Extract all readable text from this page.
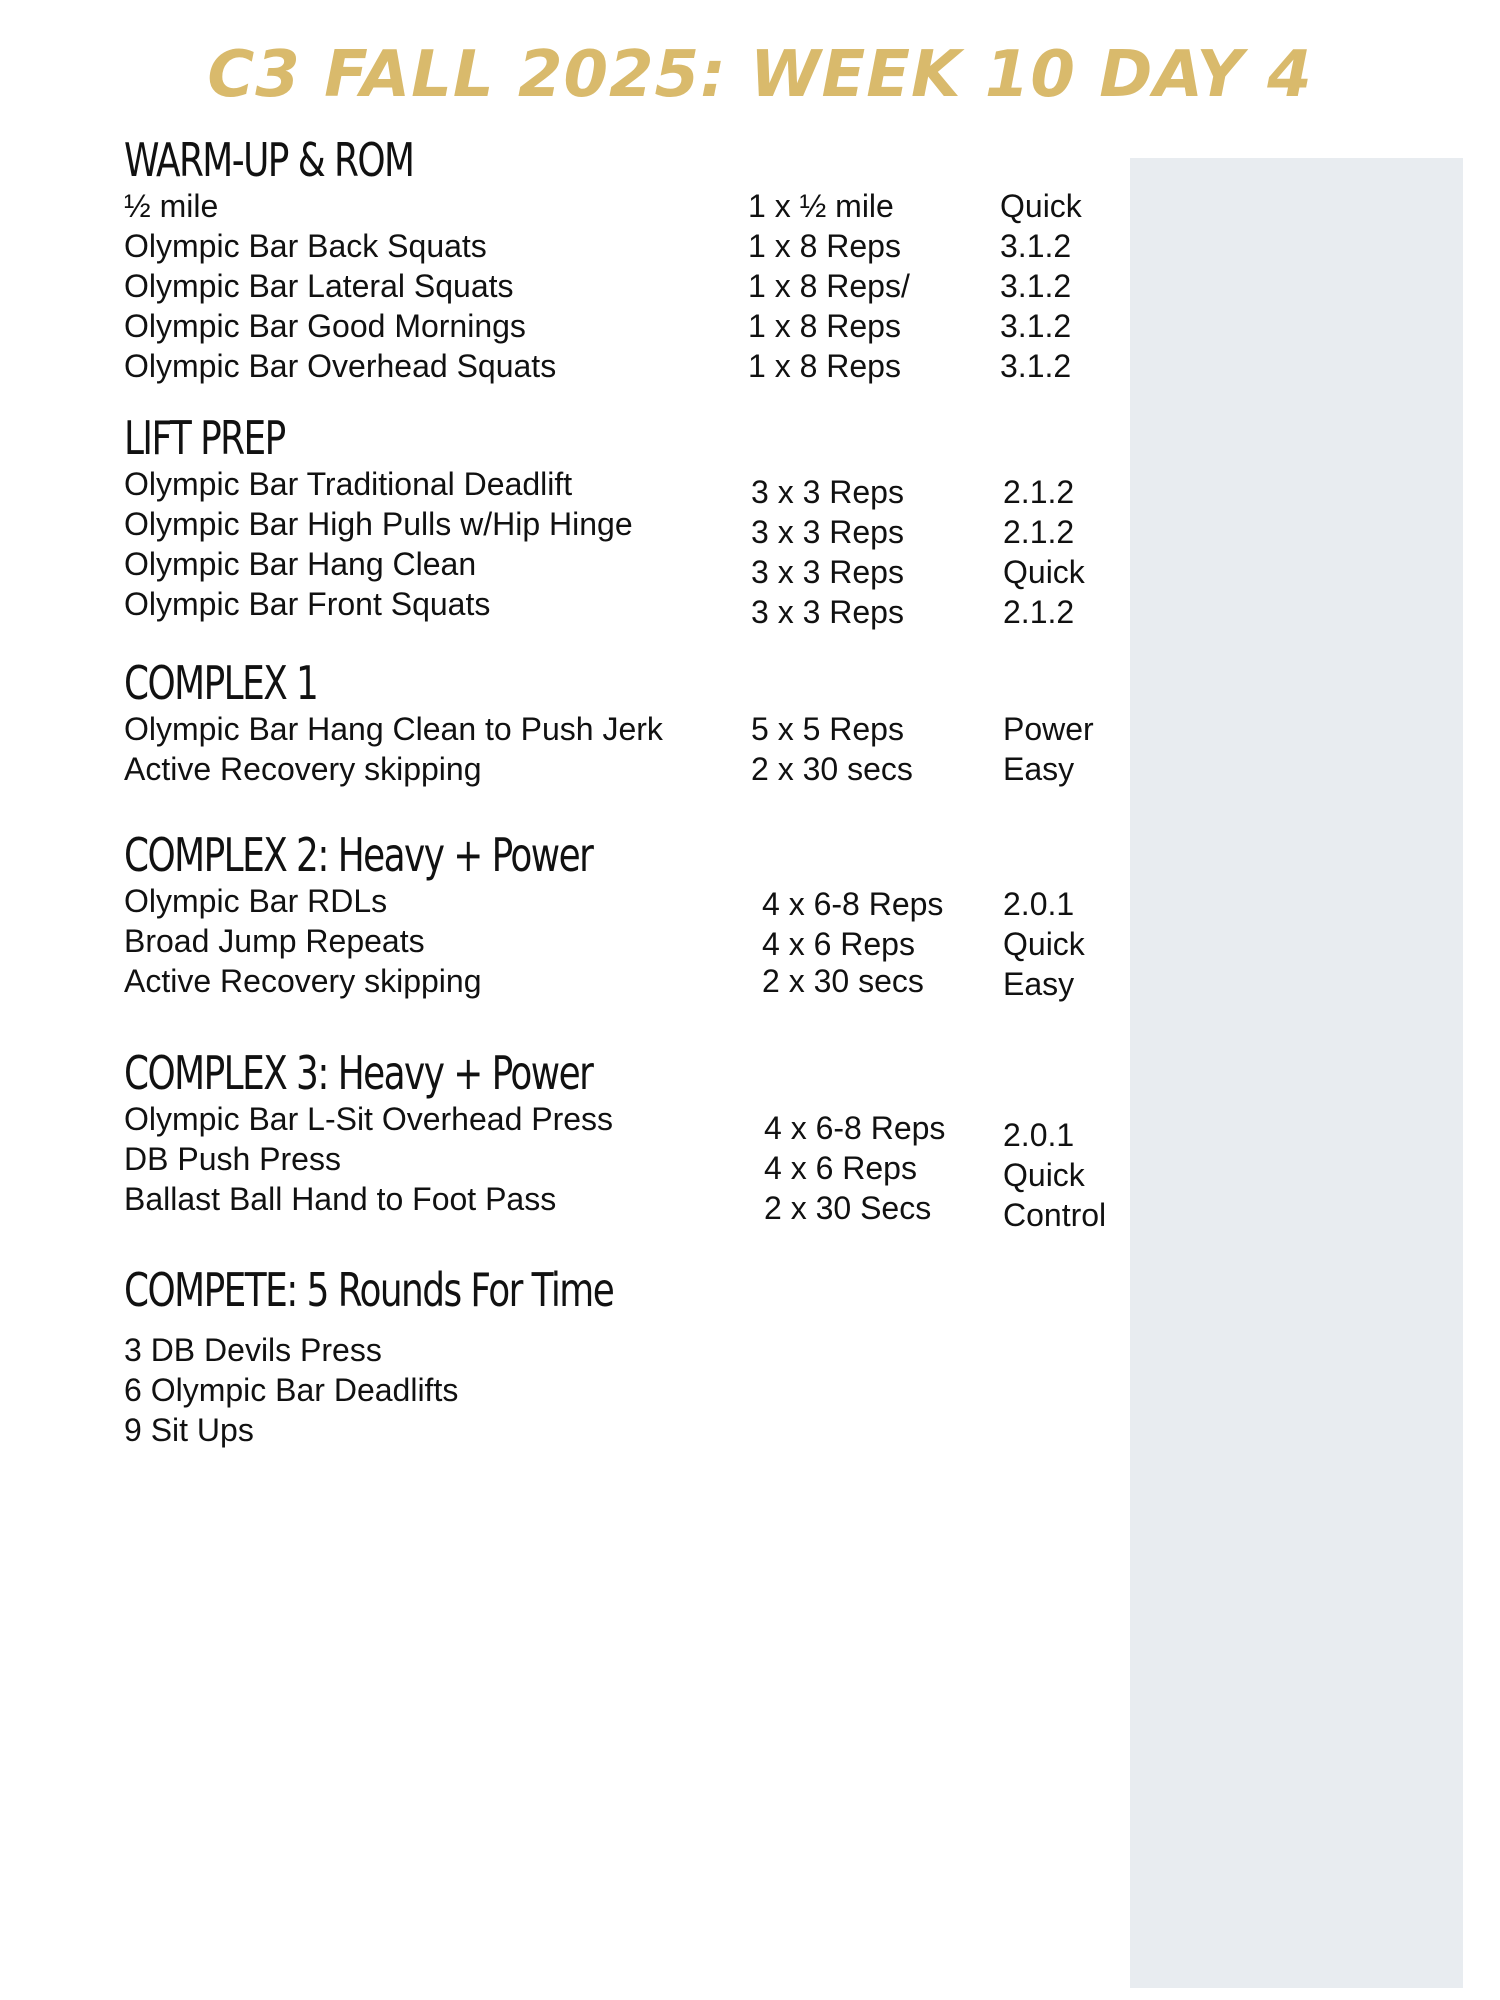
C3 FALL 2025: WEEK 10 DAY 4
WARM-UP & ROM
½ mile	1 x ½ mile	Quick
Olympic Bar Back Squats	1 x 8 Reps	3.1.2
Olympic Bar Lateral Squats	1 x 8 Reps/	3.1.2
Olympic Bar Good Mornings	1 x 8 Reps	3.1.2
Olympic Bar Overhead Squats	1 x 8 Reps	3.1.2
LIFT PREP
Olympic Bar Traditional Deadlift	3 x 3 Reps	2.1.2
Olympic Bar High Pulls w/Hip Hinge	3 x 3 Reps	2.1.2
Olympic Bar Hang Clean	3 x 3 Reps	Quick
Olympic Bar Front Squats	3 x 3 Reps	2.1.2
COMPLEX 1
Olympic Bar Hang Clean to Push Jerk	5 x 5 Reps	Power
Active Recovery skipping	2 x 30 secs	Easy
COMPLEX 2: Heavy + Power
Olympic Bar RDLs	4 x 6-8 Reps 2.0.1
Broad Jump Repeats	4 x 6 Reps	Quick
Active Recovery skipping	2 x 30 secs Easy
COMPLEX 3: Heavy + Power
Olympic Bar L-Sit Overhead Press	4 x 6-8 Reps 2.0.1
DB Push Press	4 x 6 Reps	Quick
Ballast Ball Hand to Foot Pass	2 x 30 Secs Control
COMPETE: 5 Rounds For Time
3 DB Devils Press
6 Olympic Bar Deadlifts
9 Sit Ups
